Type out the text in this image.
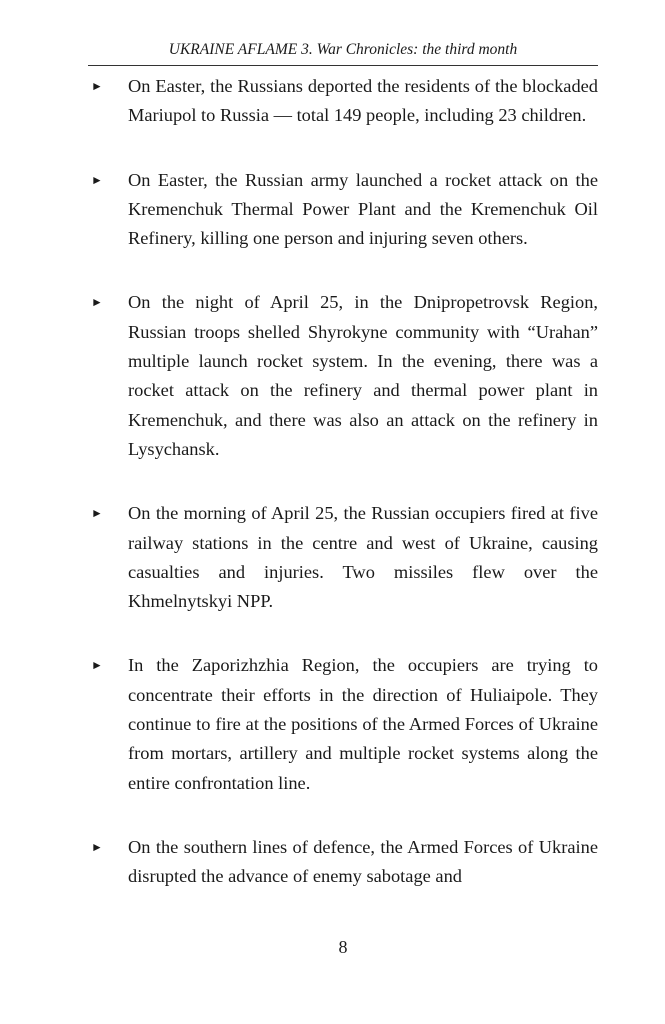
UKRAINE AFLAME 3. War Chronicles: the third month
► On Easter, the Russians deported the residents of the blockaded Mariupol to Russia — total 149 people, including 23 children.
► On Easter, the Russian army launched a rocket attack on the Kremenchuk Thermal Power Plant and the Kremenchuk Oil Refinery, killing one person and injuring seven others.
► On the night of April 25, in the Dnipropetrovsk Region, Russian troops shelled Shyrokyne community with “Urahan” multiple launch rocket system. In the evening, there was a rocket attack on the refinery and thermal power plant in Kremenchuk, and there was also an attack on the refinery in Lysychansk.
► On the morning of April 25, the Russian occupiers fired at five railway stations in the centre and west of Ukraine, causing casualties and injuries. Two missiles flew over the Khmelnytskyi NPP.
► In the Zaporizhzhia Region, the occupiers are trying to concentrate their efforts in the direction of Huliaipole. They continue to fire at the positions of the Armed Forces of Ukraine from mortars, artillery and multiple rocket systems along the entire confrontation line.
► On the southern lines of defence, the Armed Forces of Ukraine disrupted the advance of enemy sabotage and
8
